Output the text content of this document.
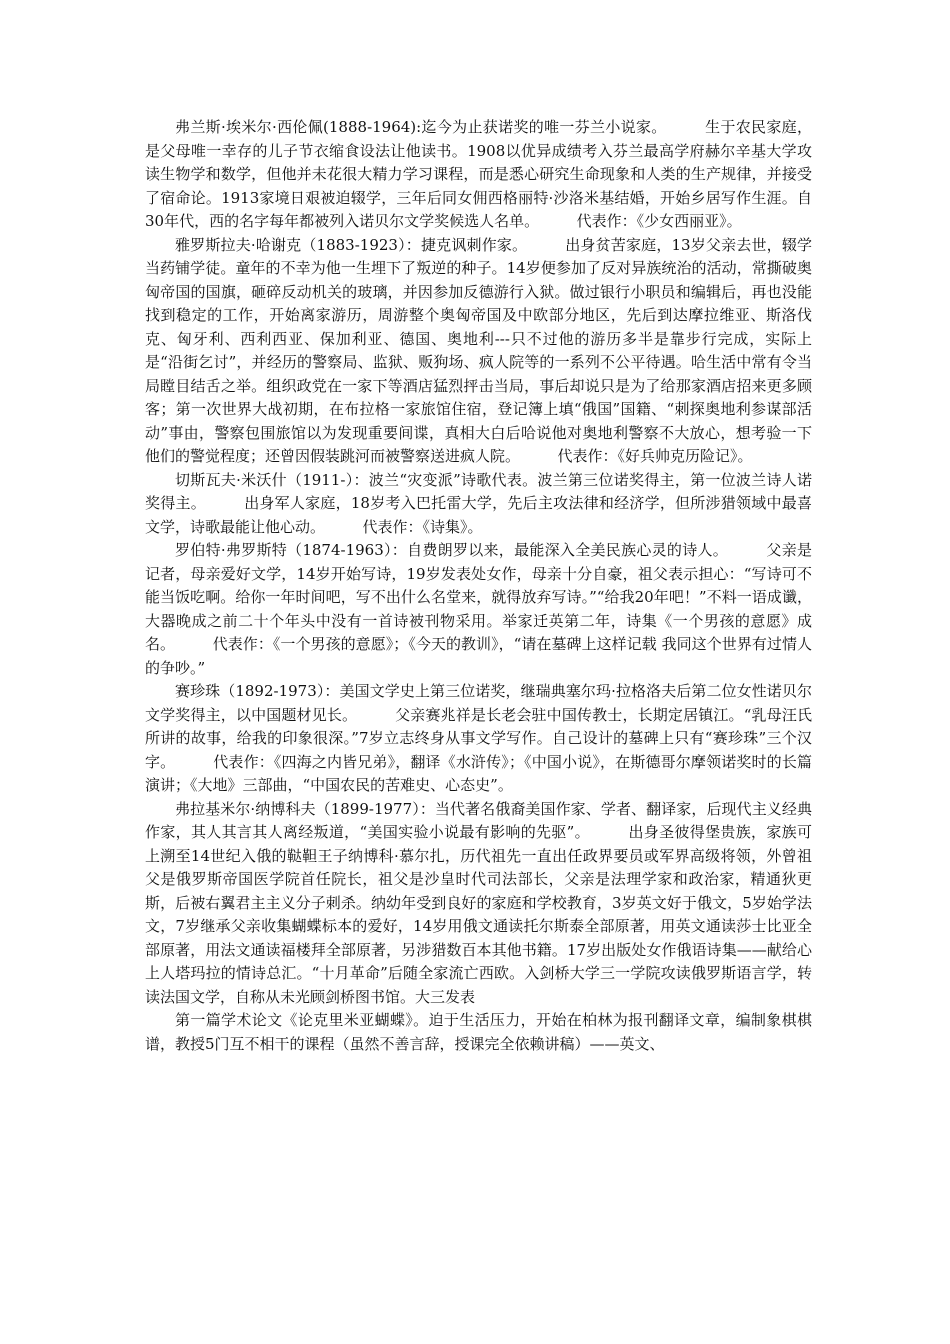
弗兰斯·埃米尔·西伦佩(1888-1964):迄今为止获诺奖的唯一芬兰小说家。　　　生于农民家庭，是父母唯一幸存的儿子节衣缩食设法让他读书。1908以优异成绩考入芬兰最高学府赫尔辛基大学攻读生物学和数学，但他并未花很大精力学习课程，而是悉心研究生命现象和人类的生产规律，并接受了宿命论。1913家境日艰被迫辍学，三年后同女佣西格丽特·沙洛米基结婚，开始乡居写作生涯。自30年代，西的名字每年都被列入诺贝尔文学奖候选人名单。　　　代表作：《少女西丽亚》。

雅罗斯拉夫·哈谢克（1883-1923）：捷克讽刺作家。　　　出身贫苦家庭，13岁父亲去世，辍学当药铺学徒。童年的不幸为他一生埋下了叛逆的种子。14岁便参加了反对异族统治的活动，常撕破奥匈帝国的国旗，砸碎反动机关的玻璃，并因参加反德游行入狱。做过银行小职员和编辑后，再也没能找到稳定的工作，开始离家游历，周游整个奥匈帝国及中欧部分地区，先后到达摩拉维亚、斯洛伐克、匈牙利、西利西亚、保加利亚、德国、奥地利---只不过他的游历多半是靠步行完成，实际上是“沿街乞讨”，并经历的警察局、监狱、贩狗场、疯人院等的一系列不公平待遇。哈生活中常有令当局瞠目结舌之举。组织政党在一家下等酒店猛烈抨击当局，事后却说只是为了给那家酒店招来更多顾客；第一次世界大战初期，在布拉格一家旅馆住宿，登记簿上填“俄国”国籍、“刺探奥地利参谋部活动”事由，警察包围旅馆以为发现重要间谍，真相大白后哈说他对奥地利警察不大放心，想考验一下他们的警觉程度；还曾因假装跳河而被警察送进疯人院。　　　代表作：《好兵帅克历险记》。

切斯瓦夫·米沃什（1911-）：波兰“灾变派”诗歌代表。波兰第三位诺奖得主，第一位波兰诗人诺奖得主。　　　出身军人家庭，18岁考入巴托雷大学，先后主攻法律和经济学，但所涉猎领域中最喜文学，诗歌最能让他心动。　　　代表作：《诗集》。

罗伯特·弗罗斯特（1874-1963）：自费朗罗以来，最能深入全美民族心灵的诗人。　　　父亲是记者，母亲爱好文学，14岁开始写诗，19岁发表处女作，母亲十分自豪，祖父表示担心：“写诗可不能当饭吃啊。给你一年时间吧，写不出什么名堂来，就得放弃写诗。”“给我20年吧！”不料一语成谶，大器晚成之前二十个年头中没有一首诗被刊物采用。举家迁英第二年，诗集《一个男孩的意愿》成名。　　　代表作：《一个男孩的意愿》；《今天的教训》，“请在墓碑上这样记载 我同这个世界有过情人的争吵。”

赛珍珠（1892-1973）：美国文学史上第三位诺奖，继瑞典塞尔玛·拉格洛夫后第二位女性诺贝尔文学奖得主，以中国题材见长。　　　父亲赛兆祥是长老会驻中国传教士，长期定居镇江。“乳母汪氏所讲的故事，给我的印象很深。”7岁立志终身从事文学写作。自己设计的墓碑上只有“赛珍珠”三个汉字。　　　代表作：《四海之内皆兄弟》，翻译《水浒传》；《中国小说》，在斯德哥尔摩领诺奖时的长篇演讲；《大地》三部曲，“中国农民的苦难史、心态史”。

弗拉基米尔·纳博科夫（1899-1977）：当代著名俄裔美国作家、学者、翻译家，后现代主义经典作家，其人其言其人离经叛道，“美国实验小说最有影响的先驱”。　　　出身圣彼得堡贵族，家族可上溯至14世纪入俄的鞑靼王子纳博科·慕尔扎，历代祖先一直出任政界要员或军界高级将领，外曾祖父是俄罗斯帝国医学院首任院长，祖父是沙皇时代司法部长，父亲是法理学家和政治家，精通狄更斯，后被右翼君主主义分子刺杀。纳幼年受到良好的家庭和学校教育，3岁英文好于俄文，5岁始学法文，7岁继承父亲收集蝴蝶标本的爱好，14岁用俄文通读托尔斯泰全部原著，用英文通读莎士比亚全部原著，用法文通读福楼拜全部原著，另涉猎数百本其他书籍。17岁出版处女作俄语诗集——献给心上人塔玛拉的情诗总汇。“十月革命”后随全家流亡西欧。入剑桥大学三一学院攻读俄罗斯语言学，转读法国文学，自称从未光顾剑桥图书馆。大三发表

第一篇学术论文《论克里米亚蝴蝶》。迫于生活压力，开始在柏林为报刊翻译文章，编制象棋棋谱，教授5门互不相干的课程（虽然不善言辞，授课完全依赖讲稿）——英文、
